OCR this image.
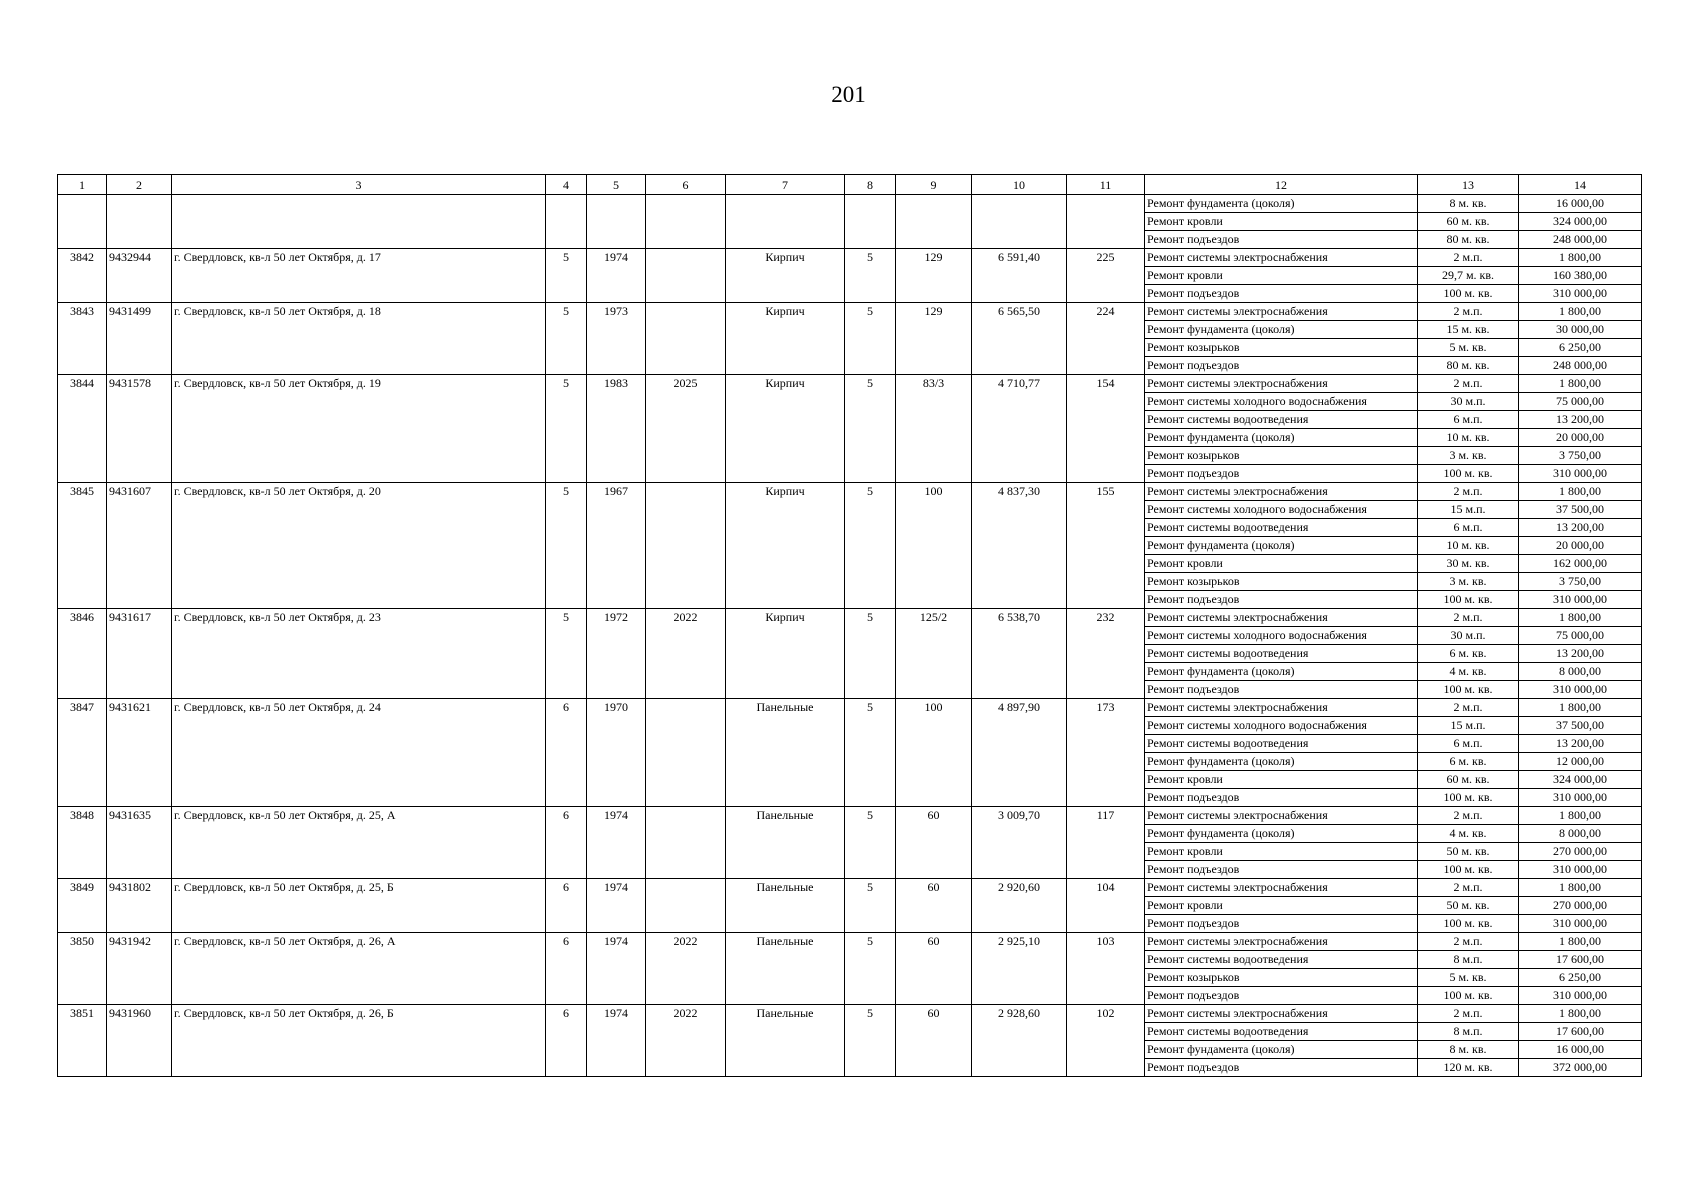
201
1	2	3	4	5	6	7	8	9	10	11	12	13	14
											Ремонт фундамента (цоколя)	8 м. кв.	16 000,00
											Ремонт кровли	60 м. кв.	324 000,00
											Ремонт подъездов	80 м. кв.	248 000,00
3842	9432944	г. Свердловск, кв-л 50 лет Октября, д. 17	5	1974		Кирпич	5	129	6 591,40	225	Ремонт системы электроснабжения	2 м.п.	1 800,00
											Ремонт кровли	29,7 м. кв.	160 380,00
											Ремонт подъездов	100 м. кв.	310 000,00
3843	9431499	г. Свердловск, кв-л 50 лет Октября, д. 18	5	1973		Кирпич	5	129	6 565,50	224	Ремонт системы электроснабжения	2 м.п.	1 800,00
											Ремонт фундамента (цоколя)	15 м. кв.	30 000,00
											Ремонт козырьков	5 м. кв.	6 250,00
											Ремонт подъездов	80 м. кв.	248 000,00
3844	9431578	г. Свердловск, кв-л 50 лет Октября, д. 19	5	1983	2025	Кирпич	5	83/3	4 710,77	154	Ремонт системы электроснабжения	2 м.п.	1 800,00
											Ремонт системы холодного водоснабжения	30 м.п.	75 000,00
											Ремонт системы водоотведения	6 м.п.	13 200,00
											Ремонт фундамента (цоколя)	10 м. кв.	20 000,00
											Ремонт козырьков	3 м. кв.	3 750,00
											Ремонт подъездов	100 м. кв.	310 000,00
3845	9431607	г. Свердловск, кв-л 50 лет Октября, д. 20	5	1967		Кирпич	5	100	4 837,30	155	Ремонт системы электроснабжения	2 м.п.	1 800,00
											Ремонт системы холодного водоснабжения	15 м.п.	37 500,00
											Ремонт системы водоотведения	6 м.п.	13 200,00
											Ремонт фундамента (цоколя)	10 м. кв.	20 000,00
											Ремонт кровли	30 м. кв.	162 000,00
											Ремонт козырьков	3 м. кв.	3 750,00
											Ремонт подъездов	100 м. кв.	310 000,00
3846	9431617	г. Свердловск, кв-л 50 лет Октября, д. 23	5	1972	2022	Кирпич	5	125/2	6 538,70	232	Ремонт системы электроснабжения	2 м.п.	1 800,00
											Ремонт системы холодного водоснабжения	30 м.п.	75 000,00
											Ремонт системы водоотведения	6 м. кв.	13 200,00
											Ремонт фундамента (цоколя)	4 м. кв.	8 000,00
											Ремонт подъездов	100 м. кв.	310 000,00
3847	9431621	г. Свердловск, кв-л 50 лет Октября, д. 24	6	1970		Панельные	5	100	4 897,90	173	Ремонт системы электроснабжения	2 м.п.	1 800,00
											Ремонт системы холодного водоснабжения	15 м.п.	37 500,00
											Ремонт системы водоотведения	6 м.п.	13 200,00
											Ремонт фундамента (цоколя)	6 м. кв.	12 000,00
											Ремонт кровли	60 м. кв.	324 000,00
											Ремонт подъездов	100 м. кв.	310 000,00
3848	9431635	г. Свердловск, кв-л 50 лет Октября, д. 25, А	6	1974		Панельные	5	60	3 009,70	117	Ремонт системы электроснабжения	2 м.п.	1 800,00
											Ремонт фундамента (цоколя)	4 м. кв.	8 000,00
											Ремонт кровли	50 м. кв.	270 000,00
											Ремонт подъездов	100 м. кв.	310 000,00
3849	9431802	г. Свердловск, кв-л 50 лет Октября, д. 25, Б	6	1974		Панельные	5	60	2 920,60	104	Ремонт системы электроснабжения	2 м.п.	1 800,00
											Ремонт кровли	50 м. кв.	270 000,00
											Ремонт подъездов	100 м. кв.	310 000,00
3850	9431942	г. Свердловск, кв-л 50 лет Октября, д. 26, А	6	1974	2022	Панельные	5	60	2 925,10	103	Ремонт системы электроснабжения	2 м.п.	1 800,00
											Ремонт системы водоотведения	8 м.п.	17 600,00
											Ремонт козырьков	5 м. кв.	6 250,00
											Ремонт подъездов	100 м. кв.	310 000,00
3851	9431960	г. Свердловск, кв-л 50 лет Октября, д. 26, Б	6	1974	2022	Панельные	5	60	2 928,60	102	Ремонт системы электроснабжения	2 м.п.	1 800,00
											Ремонт системы водоотведения	8 м.п.	17 600,00
											Ремонт фундамента (цоколя)	8 м. кв.	16 000,00
											Ремонт подъездов	120 м. кв.	372 000,00
